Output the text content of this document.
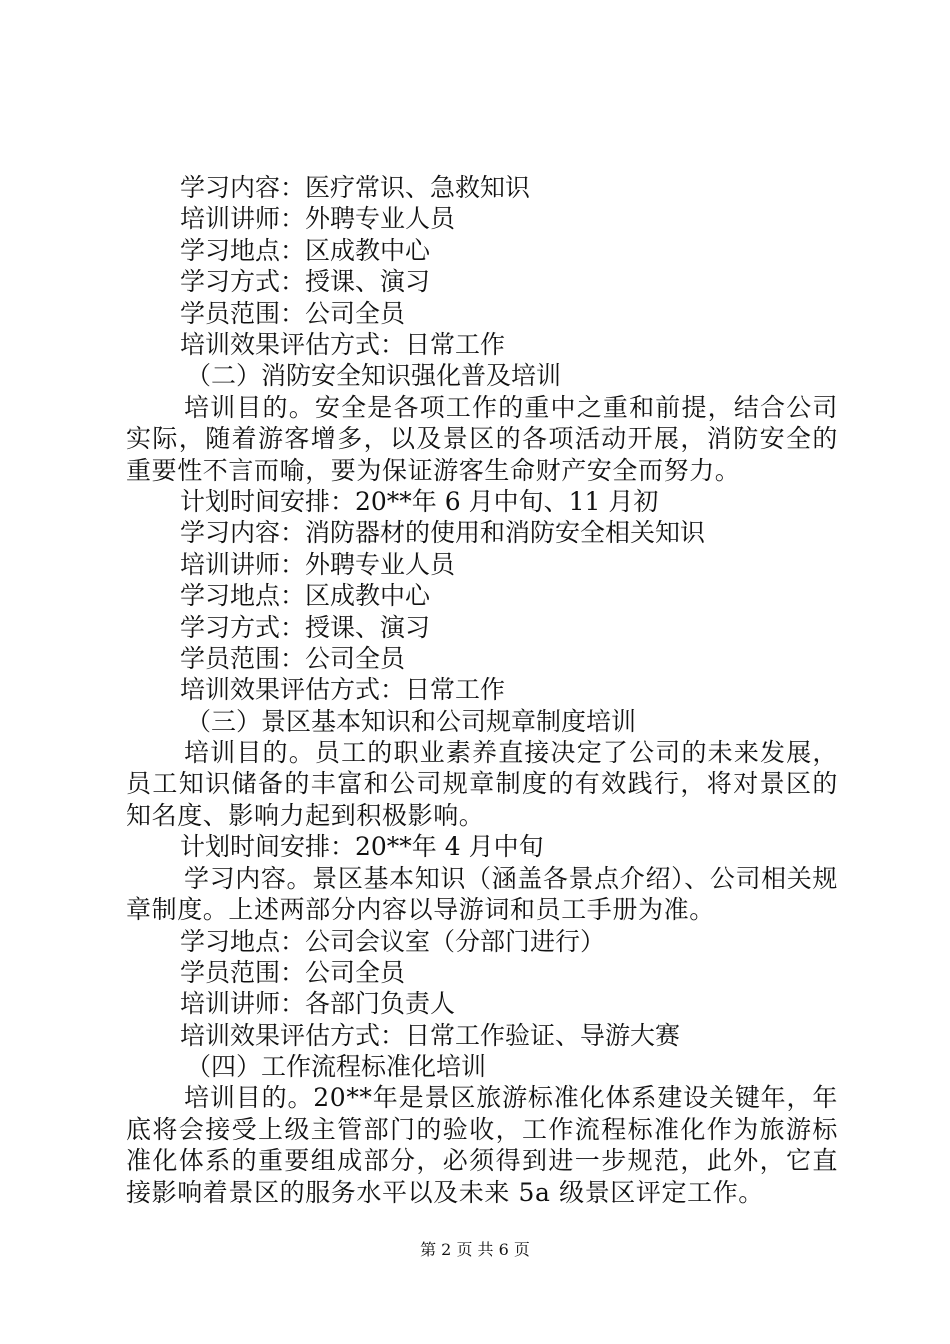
学习内容：医疗常识、急救知识
培训讲师：外聘专业人员
学习地点：区成教中心
学习方式：授课、演习
学员范围：公司全员
培训效果评估方式：日常工作
（二）消防安全知识强化普及培训
培训目的。安全是各项工作的重中之重和前提，结合公司实际，随着游客增多，以及景区的各项活动开展，消防安全的重要性不言而喻，要为保证游客生命财产安全而努力。
计划时间安排：20**年 6 月中旬、11 月初
学习内容：消防器材的使用和消防安全相关知识
培训讲师：外聘专业人员
学习地点：区成教中心
学习方式：授课、演习
学员范围：公司全员
培训效果评估方式：日常工作
（三）景区基本知识和公司规章制度培训
培训目的。员工的职业素养直接决定了公司的未来发展，员工知识储备的丰富和公司规章制度的有效践行，将对景区的知名度、影响力起到积极影响。
计划时间安排：20**年 4 月中旬
学习内容。景区基本知识（涵盖各景点介绍）、公司相关规章制度。上述两部分内容以导游词和员工手册为准。
学习地点：公司会议室（分部门进行）
学员范围：公司全员
培训讲师：各部门负责人
培训效果评估方式：日常工作验证、导游大赛
（四）工作流程标准化培训
培训目的。20**年是景区旅游标准化体系建设关键年，年底将会接受上级主管部门的验收，工作流程标准化作为旅游标准化体系的重要组成部分，必须得到进一步规范，此外，它直接影响着景区的服务水平以及未来 5a 级景区评定工作。
第 2 页 共 6 页
